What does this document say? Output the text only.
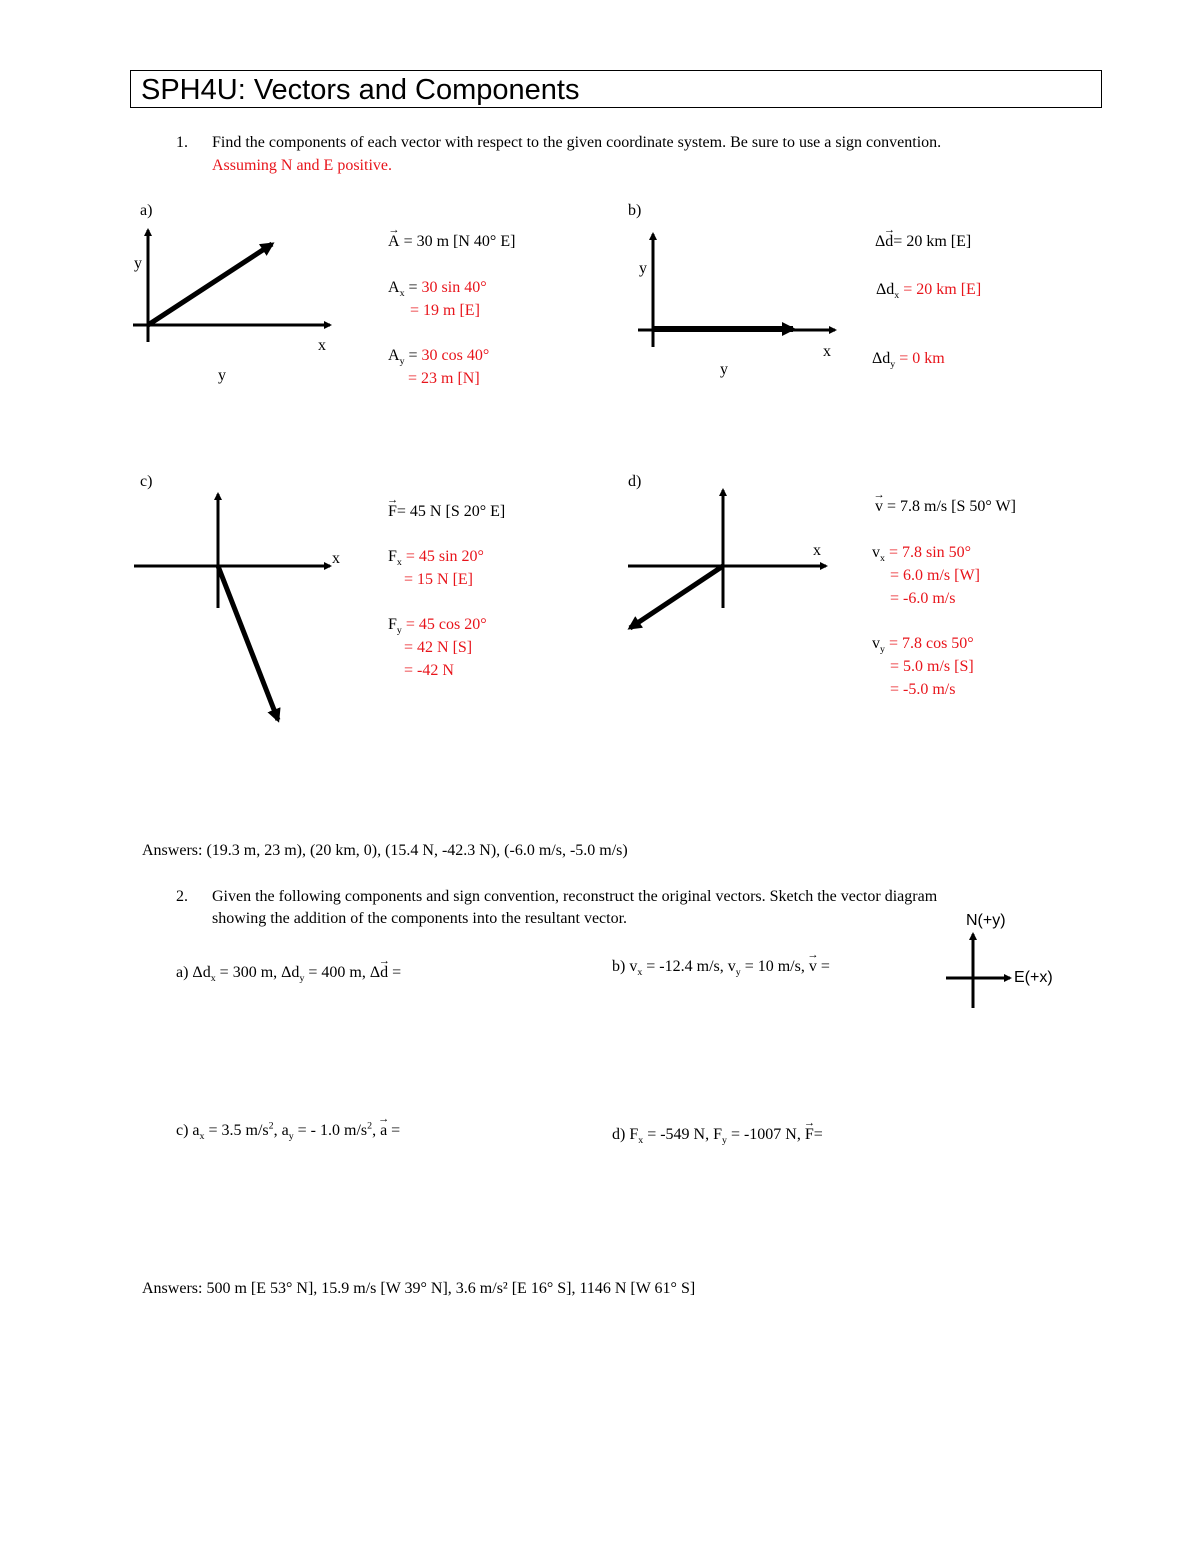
SPH4U: Vectors and Components
1. Find the components of each vector with respect to the given coordinate system. Be sure to use a sign convention.
Assuming N and E positive.
a)
y
x
y
→ A = 30 m [N 40° E]
$A_x = 30$ sin 40°
= 19 m [E]
$A_y = 30$ cos 40°
= 23 m [N]
b)
y
x
y
Δ→ d= 20 km [E]
$\Delta d_x = 20$ km [E]
$\Delta d_y = 0$ km
c)
x
→ F= 45 N [S 20° E]
$F_x = 45$ sin 20°
= 15 N [E]
$F_y = 45$ cos 20°
= 42 N [S]
= -42 N
d)
x
→ v = 7.8 m/s [S 50° W]
$v_x = 7.8$ sin 50°
= 6.0 m/s [W]
= -6.0 m/s
$v_y = 7.8$ cos 50°
= 5.0 m/s [S]
= -5.0 m/s
Answers: (19.3 m, 23 m), (20 km, 0), (15.4 N, -42.3 N), (-6.0 m/s, -5.0 m/s)
2. Given the following components and sign convention, reconstruct the original vectors. Sketch the vector diagram
showing the addition of the components into the resultant vector.	N(+y)
E(+x)
a) $\Delta d_x = 300$ m, $\Delta d_y = 400$ m, Δ→ d =	b) $v_x = -12.4$ m/s, $v_y = 10$ m/s, → v =
c) $a_x = 3.5$ $m/s^2$, $a_y$ = - 1.0 $m/s^2$, → a =	d) $F_x = -549$ N, $F_y = -1007$ N, → F=
Answers: 500 m [E 53° N], 15.9 m/s [W 39° N], 3.6 m/s² [E 16° S], 1146 N [W 61° S]
